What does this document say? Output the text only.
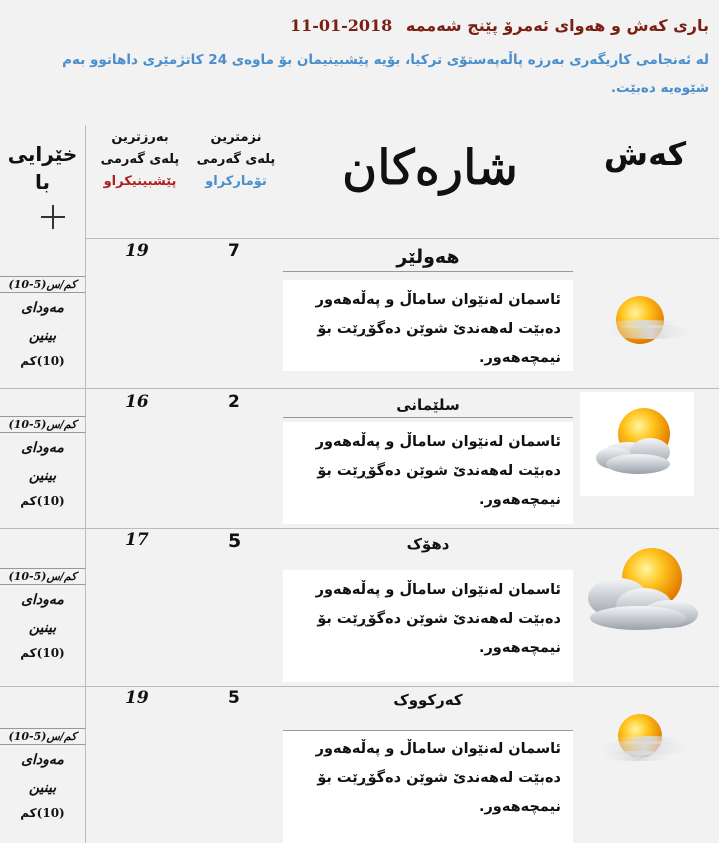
باری کەش و هەوای ئەمرۆ پێنج شەممە 2018-01-11
لە ئەنجامی کاریگەری بەرزە پاڵەپەستۆی ترکیا، بۆیە پێشبینیمان بۆ ماوەی 24 کاتژمێری داهاتوو بەم شێوەیە دەبێت.
کەش
شارەکان
نزمترین
پلەی گەرمی
تۆمارکراو
بەرزترین
پلەی گەرمی
پێشبینیکراو
خێرایی
با
19	7	هەولێر
ئاسمان لەنێوان ساماڵ و پەڵەهەور دەبێت لەهەندێ شوێن دەگۆڕێت بۆ نیمچەهەور.
(10-5)کم/س
مەودای
بینین
(10)کم
16	2	سلێمانی
ئاسمان لەنێوان ساماڵ و پەڵەهەور دەبێت لەهەندێ شوێن دەگۆڕێت بۆ نیمچەهەور.
(10-5)کم/س
مەودای
بینین
(10)کم
17	5	دهۆک
ئاسمان لەنێوان ساماڵ و پەڵەهەور دەبێت لەهەندێ شوێن دەگۆڕێت بۆ نیمچەهەور.
(10-5)کم/س
مەودای
بینین
(10)کم
19	5	کەرکووک
ئاسمان لەنێوان ساماڵ و پەڵەهەور دەبێت لەهەندێ شوێن دەگۆڕێت بۆ نیمچەهەور.
(10-5)کم/س
مەودای
بینین
(10)کم
